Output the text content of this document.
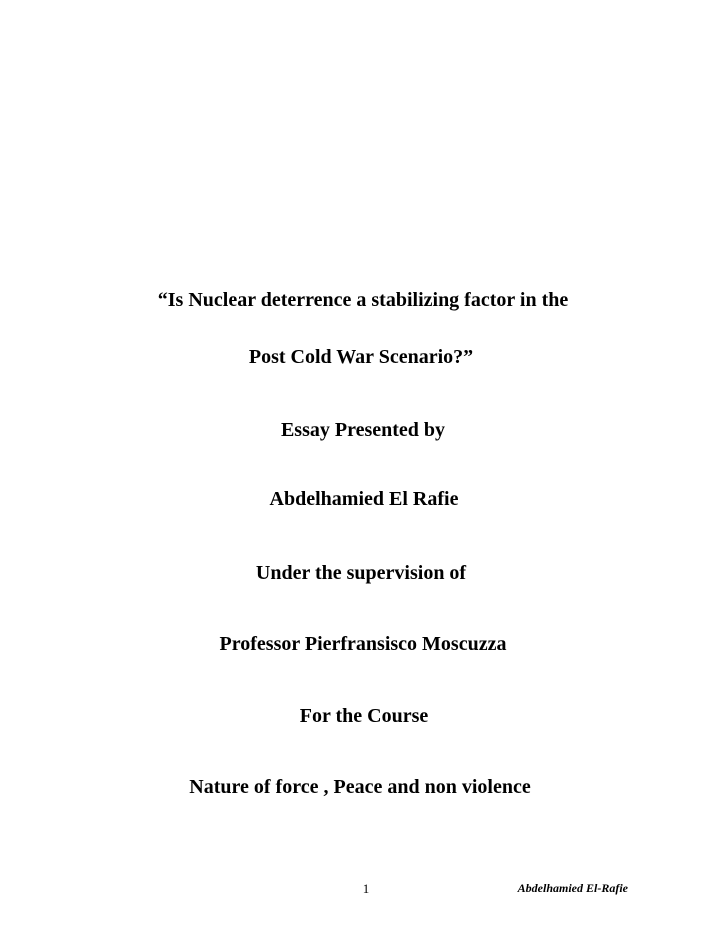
“Is Nuclear deterrence a stabilizing factor in the
Post Cold War Scenario?”
Essay Presented by
Abdelhamied El Rafie
Under the supervision of
Professor Pierfransisco Moscuzza
For the Course
Nature of force , Peace and non violence
1	Abdelhamied El-Rafie
